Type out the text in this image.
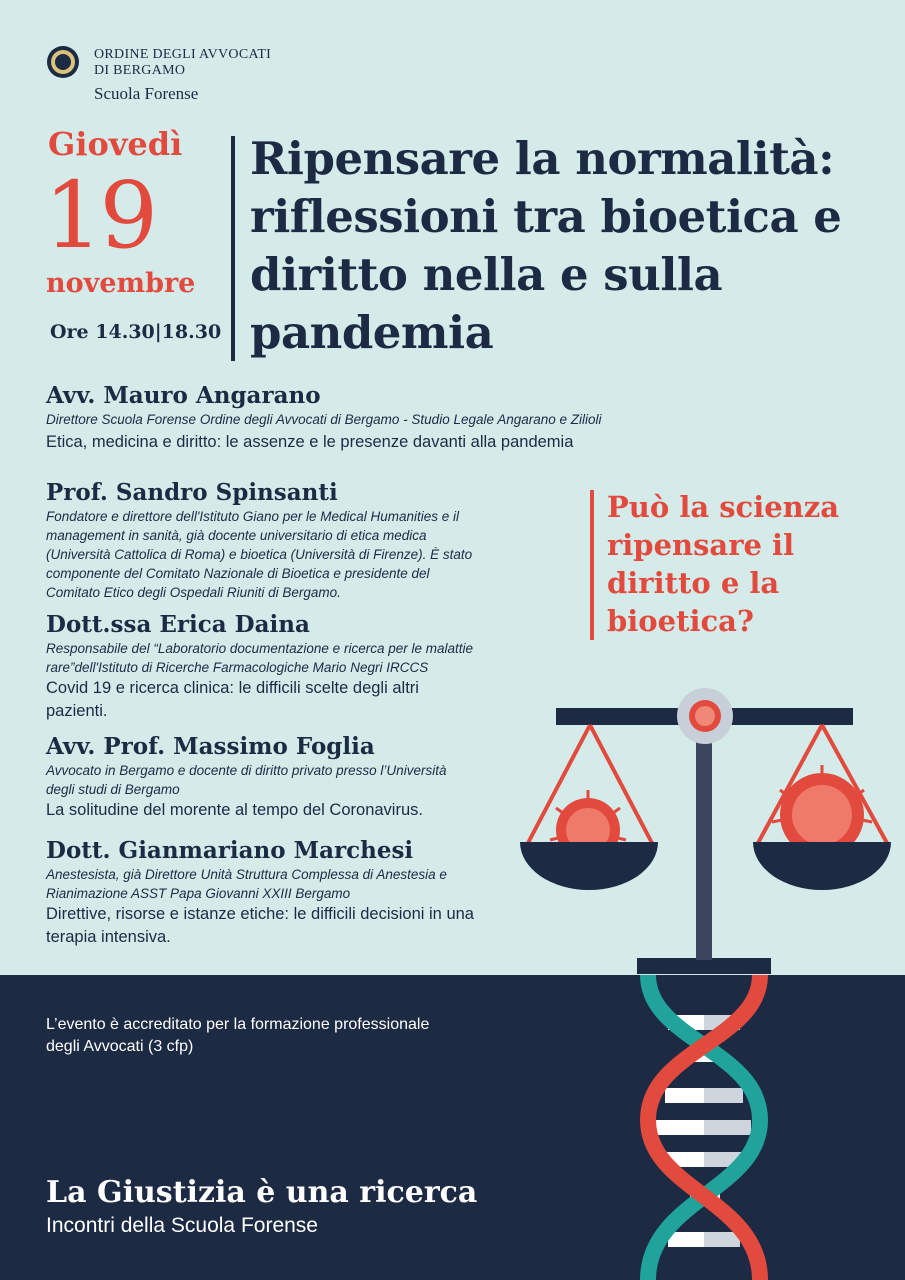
ORDINE DEGLI AVVOCATI
DI BERGAMO
Scuola Forense
Giovedì
19
novembre
Ore 14.30|18.30
Ripensare la normalità:
riflessioni tra bioetica e
diritto nella e sulla
pandemia
Avv. Mauro Angarano
Direttore Scuola Forense Ordine degli Avvocati di Bergamo - Studio Legale Angarano e Zilioli
Etica, medicina e diritto: le assenze e le presenze davanti alla pandemia
Prof. Sandro Spinsanti
Fondatore e direttore dell'Istituto Giano per le Medical Humanities e il
management in sanità, già docente universitario di etica medica
(Università Cattolica di Roma) e bioetica (Università di Firenze). È stato
componente del Comitato Nazionale di Bioetica e presidente del
Comitato Etico degli Ospedali Riuniti di Bergamo.
Dott.ssa Erica Daina
Responsabile del “Laboratorio documentazione e ricerca per le malattie
rare”dell'Istituto di Ricerche Farmacologiche Mario Negri IRCCS
Covid 19 e ricerca clinica: le difficili scelte degli altri
pazienti.
Avv. Prof. Massimo Foglia
Avvocato in Bergamo e docente di diritto privato presso l’Università
degli studi di Bergamo
La solitudine del morente al tempo del Coronavirus.
Dott. Gianmariano Marchesi
Anestesista, già Direttore Unità Struttura Complessa di Anestesia e
Rianimazione ASST Papa Giovanni XXIII Bergamo
Direttive, risorse e istanze etiche: le difficili decisioni in una
terapia intensiva.
Può la scienza
ripensare il
diritto e la
bioetica?
L’evento è accreditato per la formazione professionale
degli Avvocati (3 cfp)
La Giustizia è una ricerca
Incontri della Scuola Forense
